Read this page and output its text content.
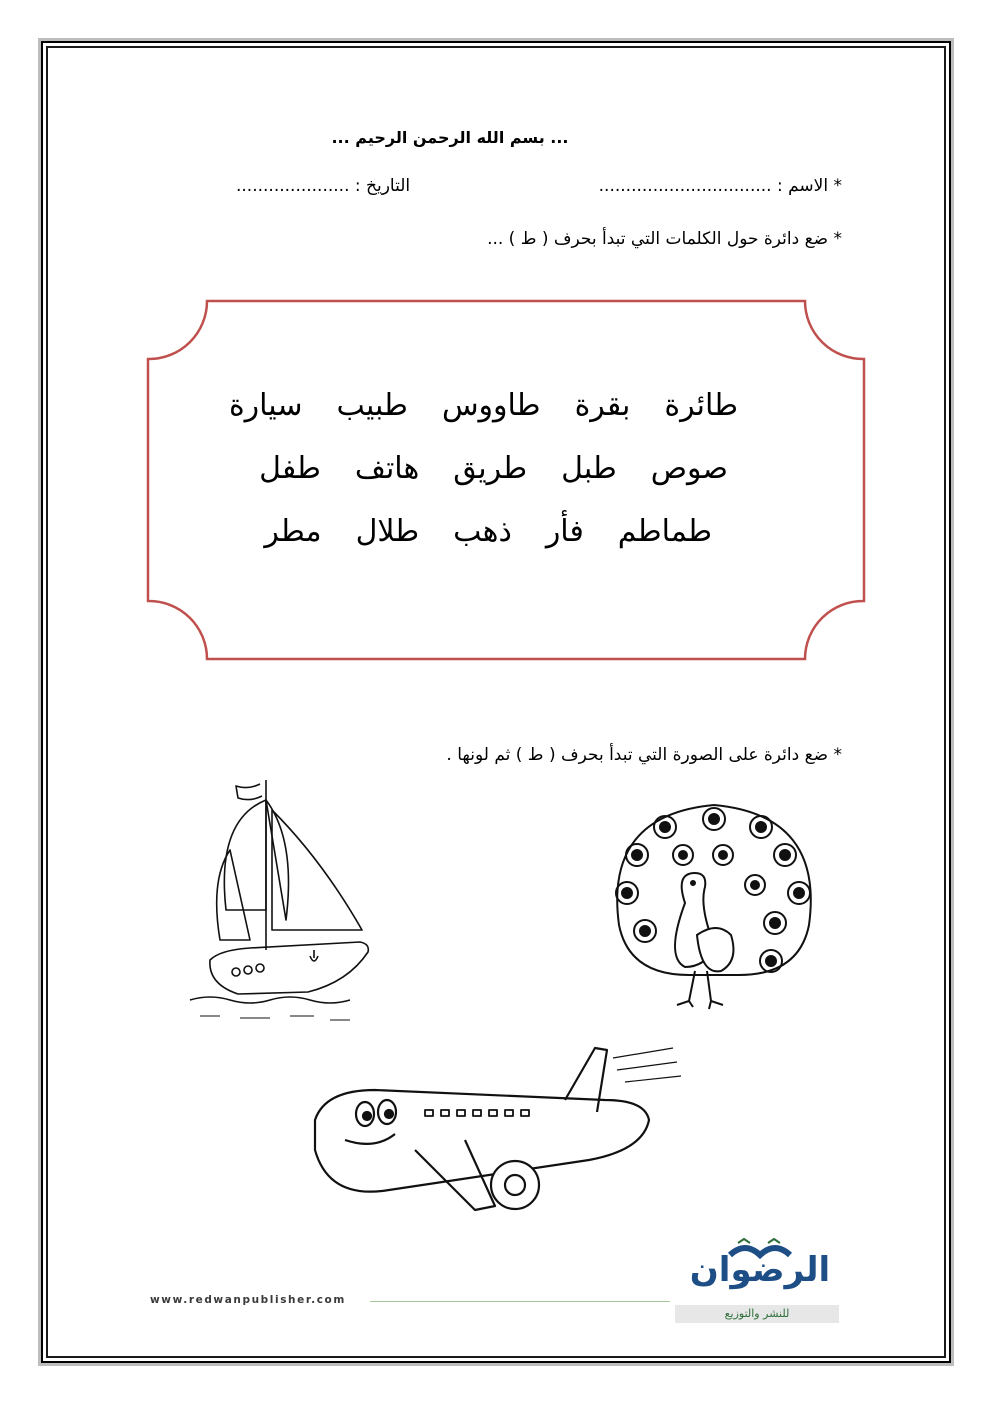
... بسم الله الرحمن الرحيم ...
* الاسم : ................................
التاريخ : .....................
* ضع دائرة حول الكلمات التي تبدأ بحرف ( ط ) ...
طائرة
بقرة
طاووس
طبيب
سيارة
صوص
طبل
طريق
هاتف
طفل
طماطم
فأر
ذهب
طلال
مطر
* ضع دائرة على الصورة التي تبدأ بحرف ( ط ) ثم لونها .
www.redwanpublisher.com
الرضوان
للنشر والتوزيع
